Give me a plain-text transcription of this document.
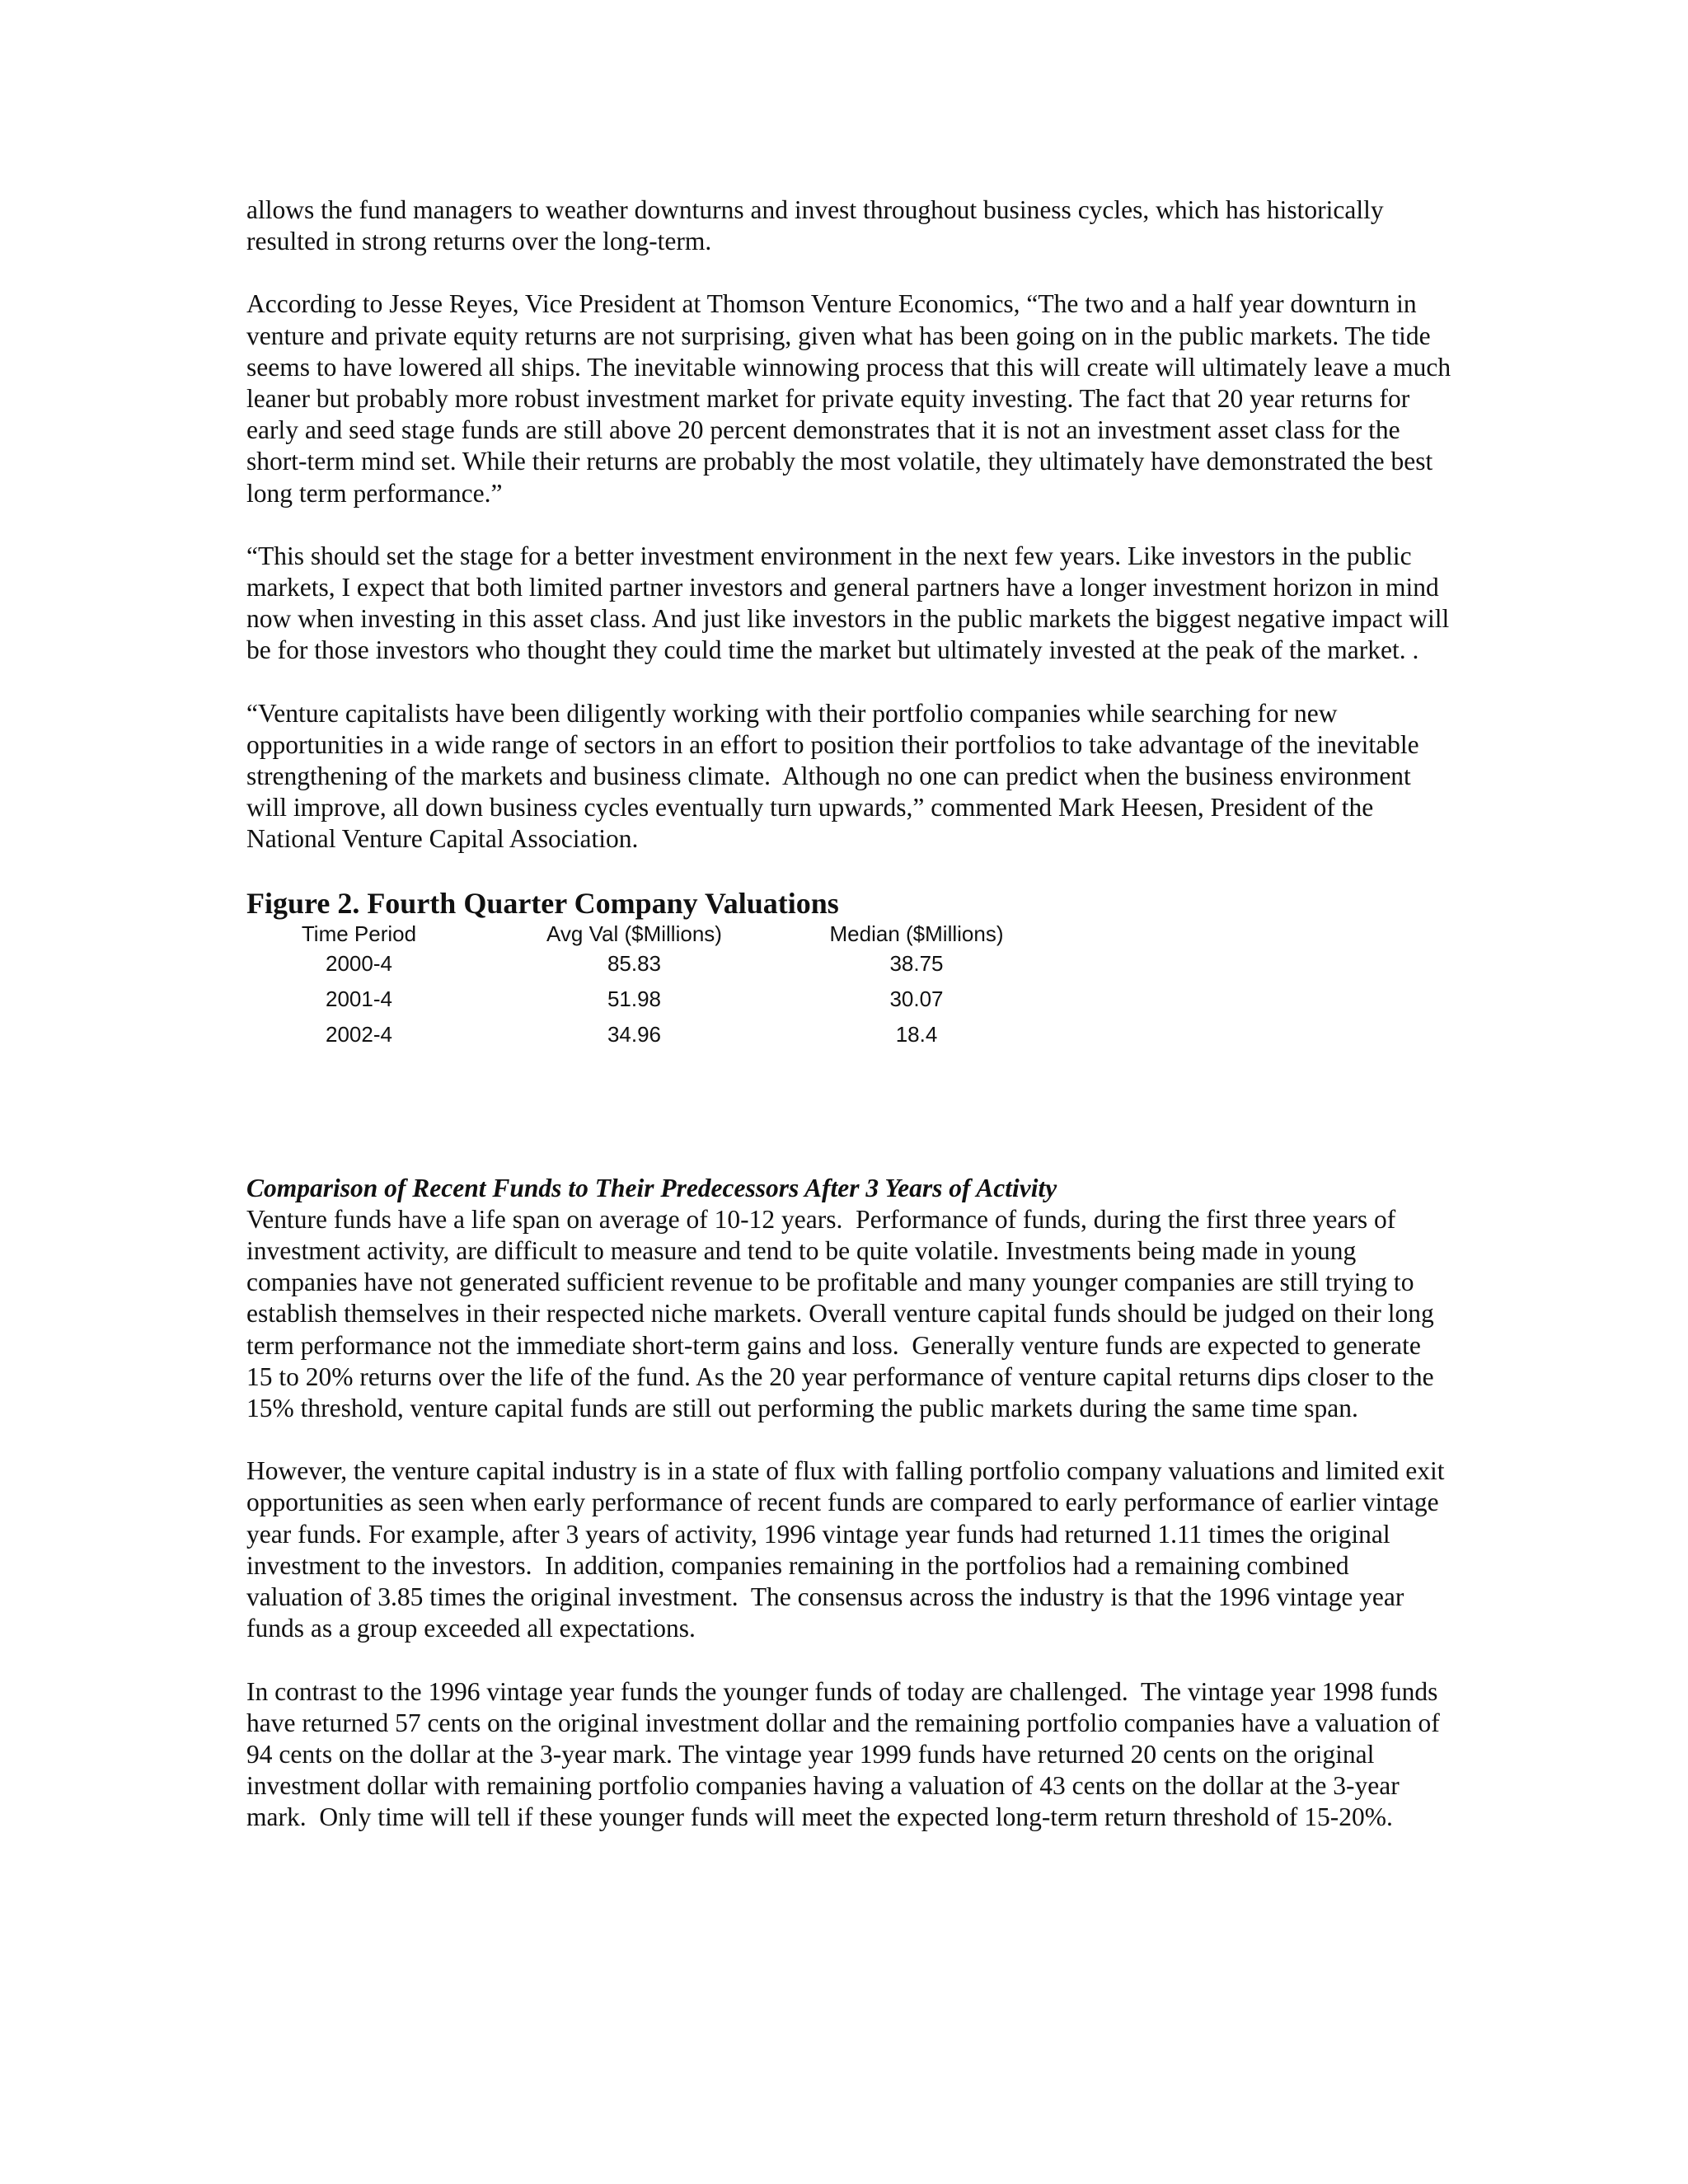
allows the fund managers to weather downturns and invest throughout business cycles, which has historically resulted in strong returns over the long-term.

According to Jesse Reyes, Vice President at Thomson Venture Economics, “The two and a half year downturn in venture and private equity returns are not surprising, given what has been going on in the public markets. The tide seems to have lowered all ships. The inevitable winnowing process that this will create will ultimately leave a much leaner but probably more robust investment market for private equity investing. The fact that 20 year returns for early and seed stage funds are still above 20 percent demonstrates that it is not an investment asset class for the short-term mind set. While their returns are probably the most volatile, they ultimately have demonstrated the best long term performance.”

“This should set the stage for a better investment environment in the next few years. Like investors in the public markets, I expect that both limited partner investors and general partners have a longer investment horizon in mind now when investing in this asset class. And just like investors in the public markets the biggest negative impact will be for those investors who thought they could time the market but ultimately invested at the peak of the market. .

“Venture capitalists have been diligently working with their portfolio companies while searching for new opportunities in a wide range of sectors in an effort to position their portfolios to take advantage of the inevitable strengthening of the markets and business climate.  Although no one can predict when the business environment will improve, all down business cycles eventually turn upwards,” commented Mark Heesen, President of the National Venture Capital Association.

Figure 2. Fourth Quarter Company Valuations
Time Period	Avg Val ($Millions)	Median ($Millions)
2000-4	85.83	38.75
2001-4	51.98	30.07
2002-4	34.96	18.4
Comparison of Recent Funds to Their Predecessors After 3 Years of Activity

Venture funds have a life span on average of 10-12 years.  Performance of funds, during the first three years of investment activity, are difficult to measure and tend to be quite volatile. Investments being made in young companies have not generated sufficient revenue to be profitable and many younger companies are still trying to establish themselves in their respected niche markets. Overall venture capital funds should be judged on their long term performance not the immediate short-term gains and loss.  Generally venture funds are expected to generate 15 to 20% returns over the life of the fund. As the 20 year performance of venture capital returns dips closer to the 15% threshold, venture capital funds are still out performing the public markets during the same time span.

However, the venture capital industry is in a state of flux with falling portfolio company valuations and limited exit opportunities as seen when early performance of recent funds are compared to early performance of earlier vintage year funds. For example, after 3 years of activity, 1996 vintage year funds had returned 1.11 times the original investment to the investors.  In addition, companies remaining in the portfolios had a remaining combined valuation of 3.85 times the original investment.  The consensus across the industry is that the 1996 vintage year funds as a group exceeded all expectations.

In contrast to the 1996 vintage year funds the younger funds of today are challenged.  The vintage year 1998 funds have returned 57 cents on the original investment dollar and the remaining portfolio companies have a valuation of 94 cents on the dollar at the 3-year mark. The vintage year 1999 funds have returned 20 cents on the original investment dollar with remaining portfolio companies having a valuation of 43 cents on the dollar at the 3-year mark.  Only time will tell if these younger funds will meet the expected long-term return threshold of 15-20%.
